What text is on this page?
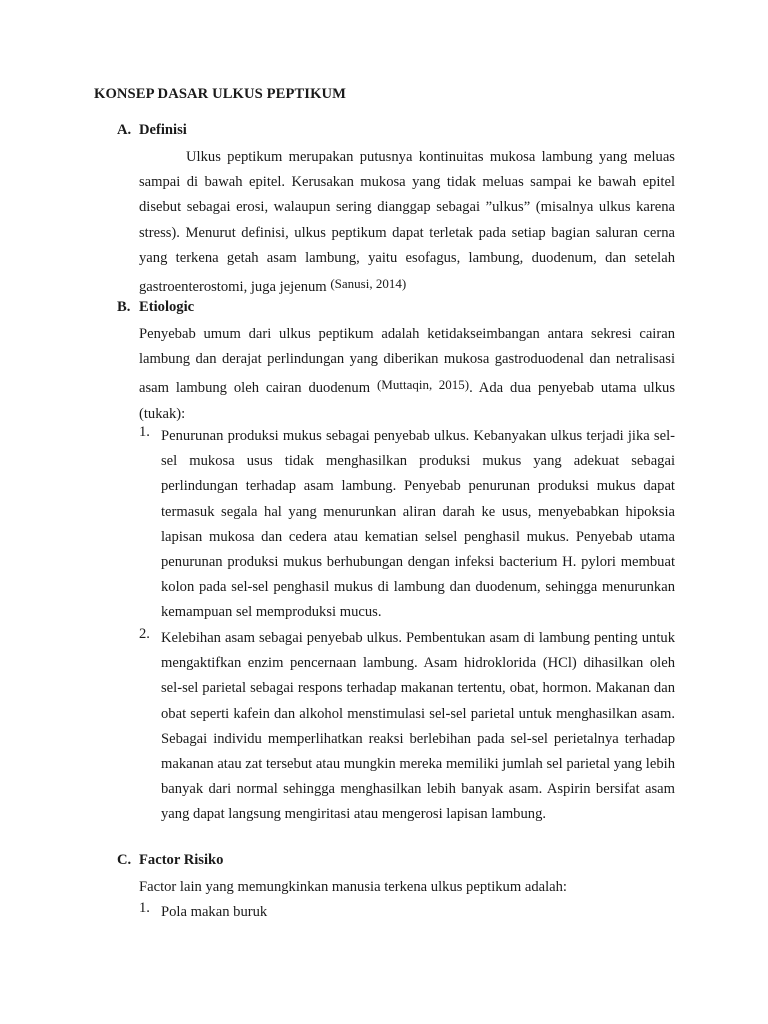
KONSEP DASAR ULKUS PEPTIKUM
A. Definisi

Ulkus peptikum merupakan putusnya kontinuitas mukosa lambung yang meluas sampai di bawah epitel. Kerusakan mukosa yang tidak meluas sampai ke bawah epitel disebut sebagai erosi, walaupun sering dianggap sebagai ”ulkus” (misalnya ulkus karena stress). Menurut definisi, ulkus peptikum dapat terletak pada setiap bagian saluran cerna yang terkena getah asam lambung, yaitu esofagus, lambung, duodenum, dan setelah gastroenterostomi, juga jejenum (Sanusi, 2014)

B. Etiologic

Penyebab umum dari ulkus peptikum adalah ketidakseimbangan antara sekresi cairan lambung dan derajat perlindungan yang diberikan mukosa gastroduodenal dan netralisasi asam lambung oleh cairan duodenum (Muttaqin, 2015). Ada dua penyebab utama ulkus (tukak):

1. Penurunan produksi mukus sebagai penyebab ulkus. Kebanyakan ulkus terjadi jika sel-sel mukosa usus tidak menghasilkan produksi mukus yang adekuat sebagai perlindungan terhadap asam lambung. Penyebab penurunan produksi mukus dapat termasuk segala hal yang menurunkan aliran darah ke usus, menyebabkan hipoksia lapisan mukosa dan cedera atau kematian selsel penghasil mukus. Penyebab utama penurunan produksi mukus berhubungan dengan infeksi bacterium H. pylori membuat kolon pada sel-sel penghasil mukus di lambung dan duodenum, sehingga menurunkan kemampuan sel memproduksi mucus.

2. Kelebihan asam sebagai penyebab ulkus. Pembentukan asam di lambung penting untuk mengaktifkan enzim pencernaan lambung. Asam hidroklorida (HCl) dihasilkan oleh sel-sel parietal sebagai respons terhadap makanan tertentu, obat, hormon. Makanan dan obat seperti kafein dan alkohol menstimulasi sel-sel parietal untuk menghasilkan asam. Sebagai individu memperlihatkan reaksi berlebihan pada sel-sel perietalnya terhadap makanan atau zat tersebut atau mungkin mereka memiliki jumlah sel parietal yang lebih banyak dari normal sehingga menghasilkan lebih banyak asam. Aspirin bersifat asam yang dapat langsung mengiritasi atau mengerosi lapisan lambung.

C. Factor Risiko

Factor lain yang memungkinkan manusia terkena ulkus peptikum adalah:

1. Pola makan buruk
